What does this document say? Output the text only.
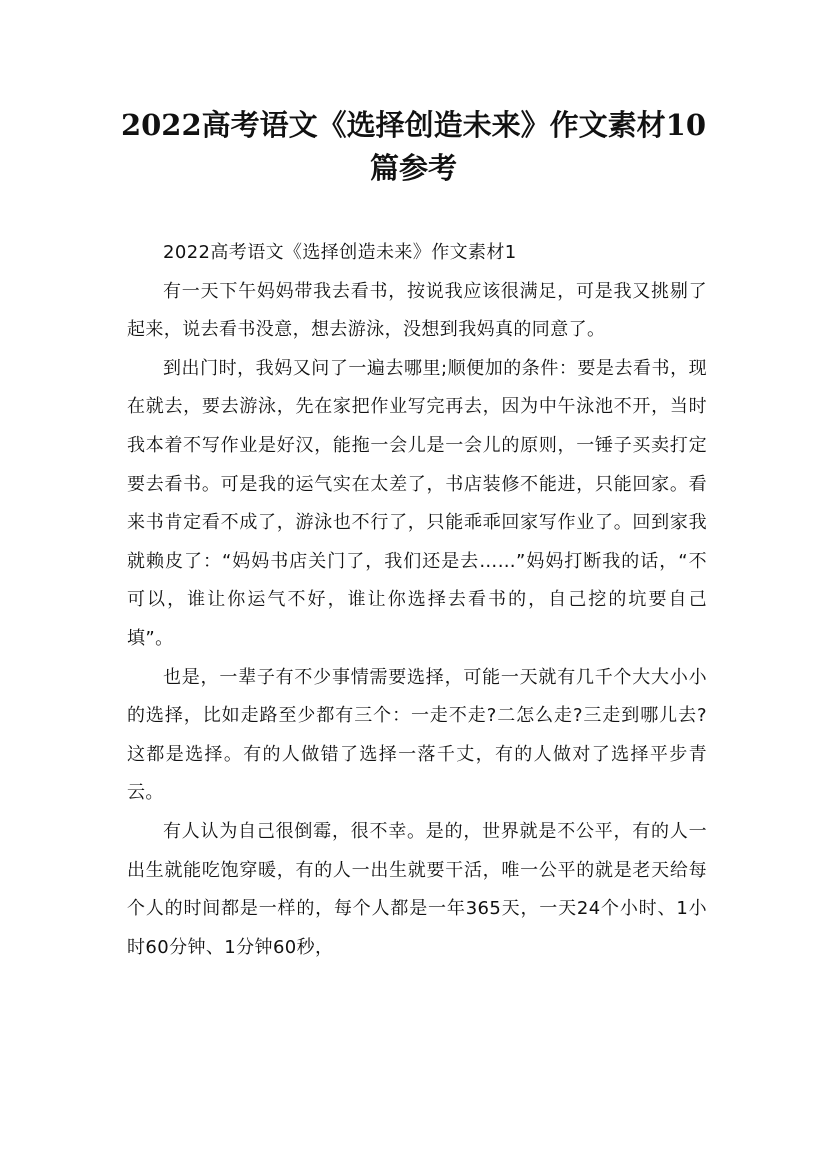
2022高考语文《选择创造未来》作文素材10
篇参考

2022高考语文《选择创造未来》作文素材1

有一天下午妈妈带我去看书，按说我应该很满足，可是我又挑剔了起来，说去看书没意，想去游泳，没想到我妈真的同意了。

到出门时，我妈又问了一遍去哪里;顺便加的条件：要是去看书，现在就去，要去游泳，先在家把作业写完再去，因为中午泳池不开，当时我本着不写作业是好汉，能拖一会儿是一会儿的原则，一锤子买卖打定要去看书。可是我的运气实在太差了，书店装修不能进，只能回家。看来书肯定看不成了，游泳也不行了，只能乖乖回家写作业了。回到家我就赖皮了：“妈妈书店关门了，我们还是去……”妈妈打断我的话，“不可以，谁让你运气不好，谁让你选择去看书的，自己挖的坑要自己填”。

也是，一辈子有不少事情需要选择，可能一天就有几千个大大小小的选择，比如走路至少都有三个：一走不走?二怎么走?三走到哪儿去?这都是选择。有的人做错了选择一落千丈，有的人做对了选择平步青云。

有人认为自己很倒霉，很不幸。是的，世界就是不公平，有的人一出生就能吃饱穿暖，有的人一出生就要干活，唯一公平的就是老天给每个人的时间都是一样的，每个人都是一年365天，一天24个小时、1小时60分钟、1分钟60秒，
